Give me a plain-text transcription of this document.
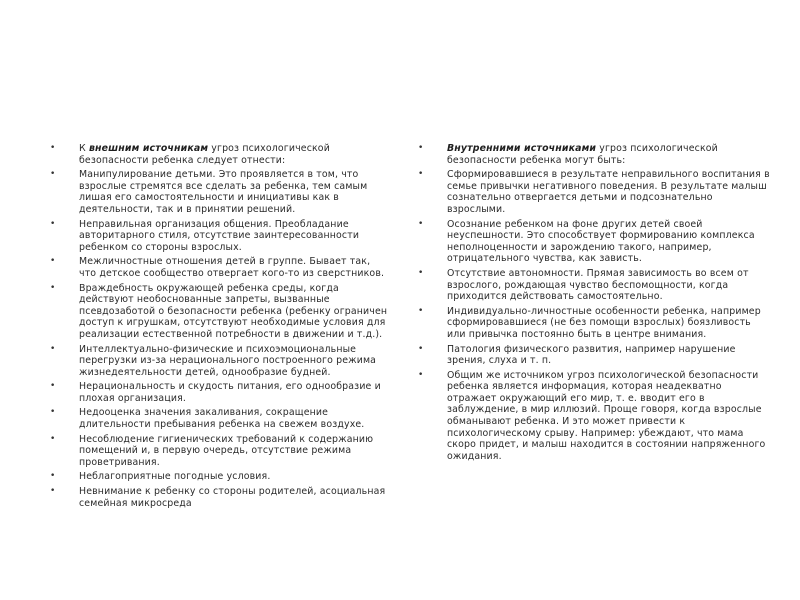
• К внешним источникам угроз психологической безопасности ребенка следует отнести:
• Манипулирование детьми. Это проявляется в том, что взрослые стремятся все сделать за ребенка, тем самым лишая его самостоятельности и инициативы как в деятельности, так и в принятии решений.
• Неправильная организация общения. Преобладание авторитарного стиля, отсутствие заинтересованности ребенком со стороны взрослых.
• Межличностные отношения детей в группе. Бывает так, что детское сообщество отвергает кого-то из сверстников.
• Враждебность окружающей ребенка среды, когда действуют необоснованные запреты, вызванные псевдозаботой о безопасности ребенка (ребенку ограничен доступ к игрушкам, отсутствуют необходимые условия для реализации естественной потребности в движении и т.д.).
• Интеллектуально-физические и психоэмоциональные перегрузки из-за нерационального построенного режима жизнедеятельности детей, однообразие будней.
• Нерациональность и скудость питания, его однообразие и плохая организация.
• Недооценка значения закаливания, сокращение длительности пребывания ребенка на свежем воздухе.
• Несоблюдение гигиенических требований к содержанию помещений и, в первую очередь, отсутствие режима проветривания.
• Неблагоприятные погодные условия.
• Невнимание к ребенку со стороны родителей, асоциальная семейная микросреда
• Внутренними источниками угроз психологической безопасности ребенка могут быть:
• Сформировавшиеся в результате неправильного воспитания в семье привычки негативного поведения. В результате малыш сознательно отвергается детьми и подсознательно взрослыми.
• Осознание ребенком на фоне других детей своей неуспешности. Это способствует формированию комплекса неполноценности и зарождению такого, например, отрицательного чувства, как зависть.
• Отсутствие автономности. Прямая зависимость во всем от взрослого, рождающая чувство беспомощности, когда приходится действовать самостоятельно.
• Индивидуально-личностные особенности ребенка, например сформировавшиеся (не без помощи взрослых) боязливость или привычка постоянно быть в центре внимания.
• Патология физического развития, например нарушение зрения, слуха и т. п.
• Общим же источником угроз психологической безопасности ребенка является информация, которая неадекватно отражает окружающий его мир, т. е. вводит его в заблуждение, в мир иллюзий. Проще говоря, когда взрослые обманывают ребенка. И это может привести к психологическому срыву. Например: убеждают, что мама скоро придет, и малыш находится в состоянии напряженного ожидания.
